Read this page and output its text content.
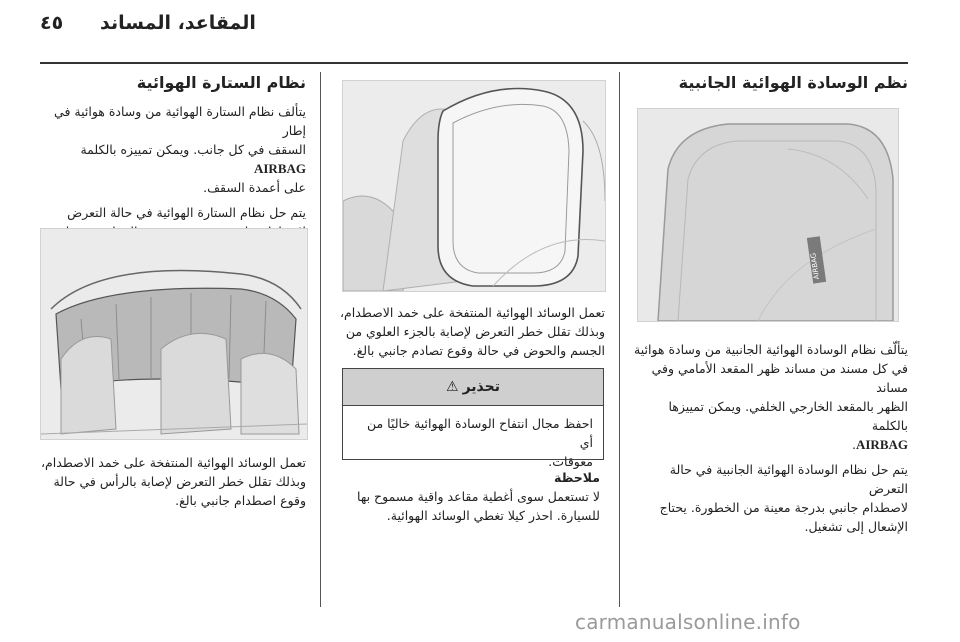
٤٥ المقاعد، المساند
نظم الوسادة الهوائية الجانبية
AIRBAG

يتألّف نظام الوسادة الهوائية الجانبية من وسادة هوائية
في كل مسند من مساند ظهر المقعد الأمامي وفي مساند
الظهر بالمقعد الخارجي الخلفي. ويمكن تمييزها بالكلمة
AIRBAG.

يتم حل نظام الوسادة الهوائية الجانبية في حالة التعرض
لاصطدام جانبي بدرجة معينة من الخطورة. يحتاج
الإشعال إلى تشغيل.

تعمل الوسائد الهوائية المنتفخة على خمد الاصطدام،
وبذلك تقلل خطر التعرض لإصابة بالجزء العلوي من
الجسم والحوض في حالة وقوع تصادم جانبي بالغ.

تحذير
⚠
احفظ مجال انتفاح الوسادة الهوائية خاليًا من أي
معوقات.
ملاحظة
لا تستعمل سوى أغطية مقاعد واقية مسموح بها
للسيارة. احذر كيلا تغطي الوسائد الهوائية.
نظام الستارة الهوائية

يتألف نظام الستارة الهوائية من وسادة هوائية في إطار
السقف في كل جانب. ويمكن تمييزه بالكلمة AIRBAG
على أعمدة السقف.

يتم حل نظام الستارة الهوائية في حالة التعرض

تعمل الوسائد الهوائية المنتفخة على خمد الاصطدام،
وبذلك تقلل خطر التعرض لإصابة بالرأس في حالة
وقوع اصطدام جانبي بالغ.

carmanualsonline.info
